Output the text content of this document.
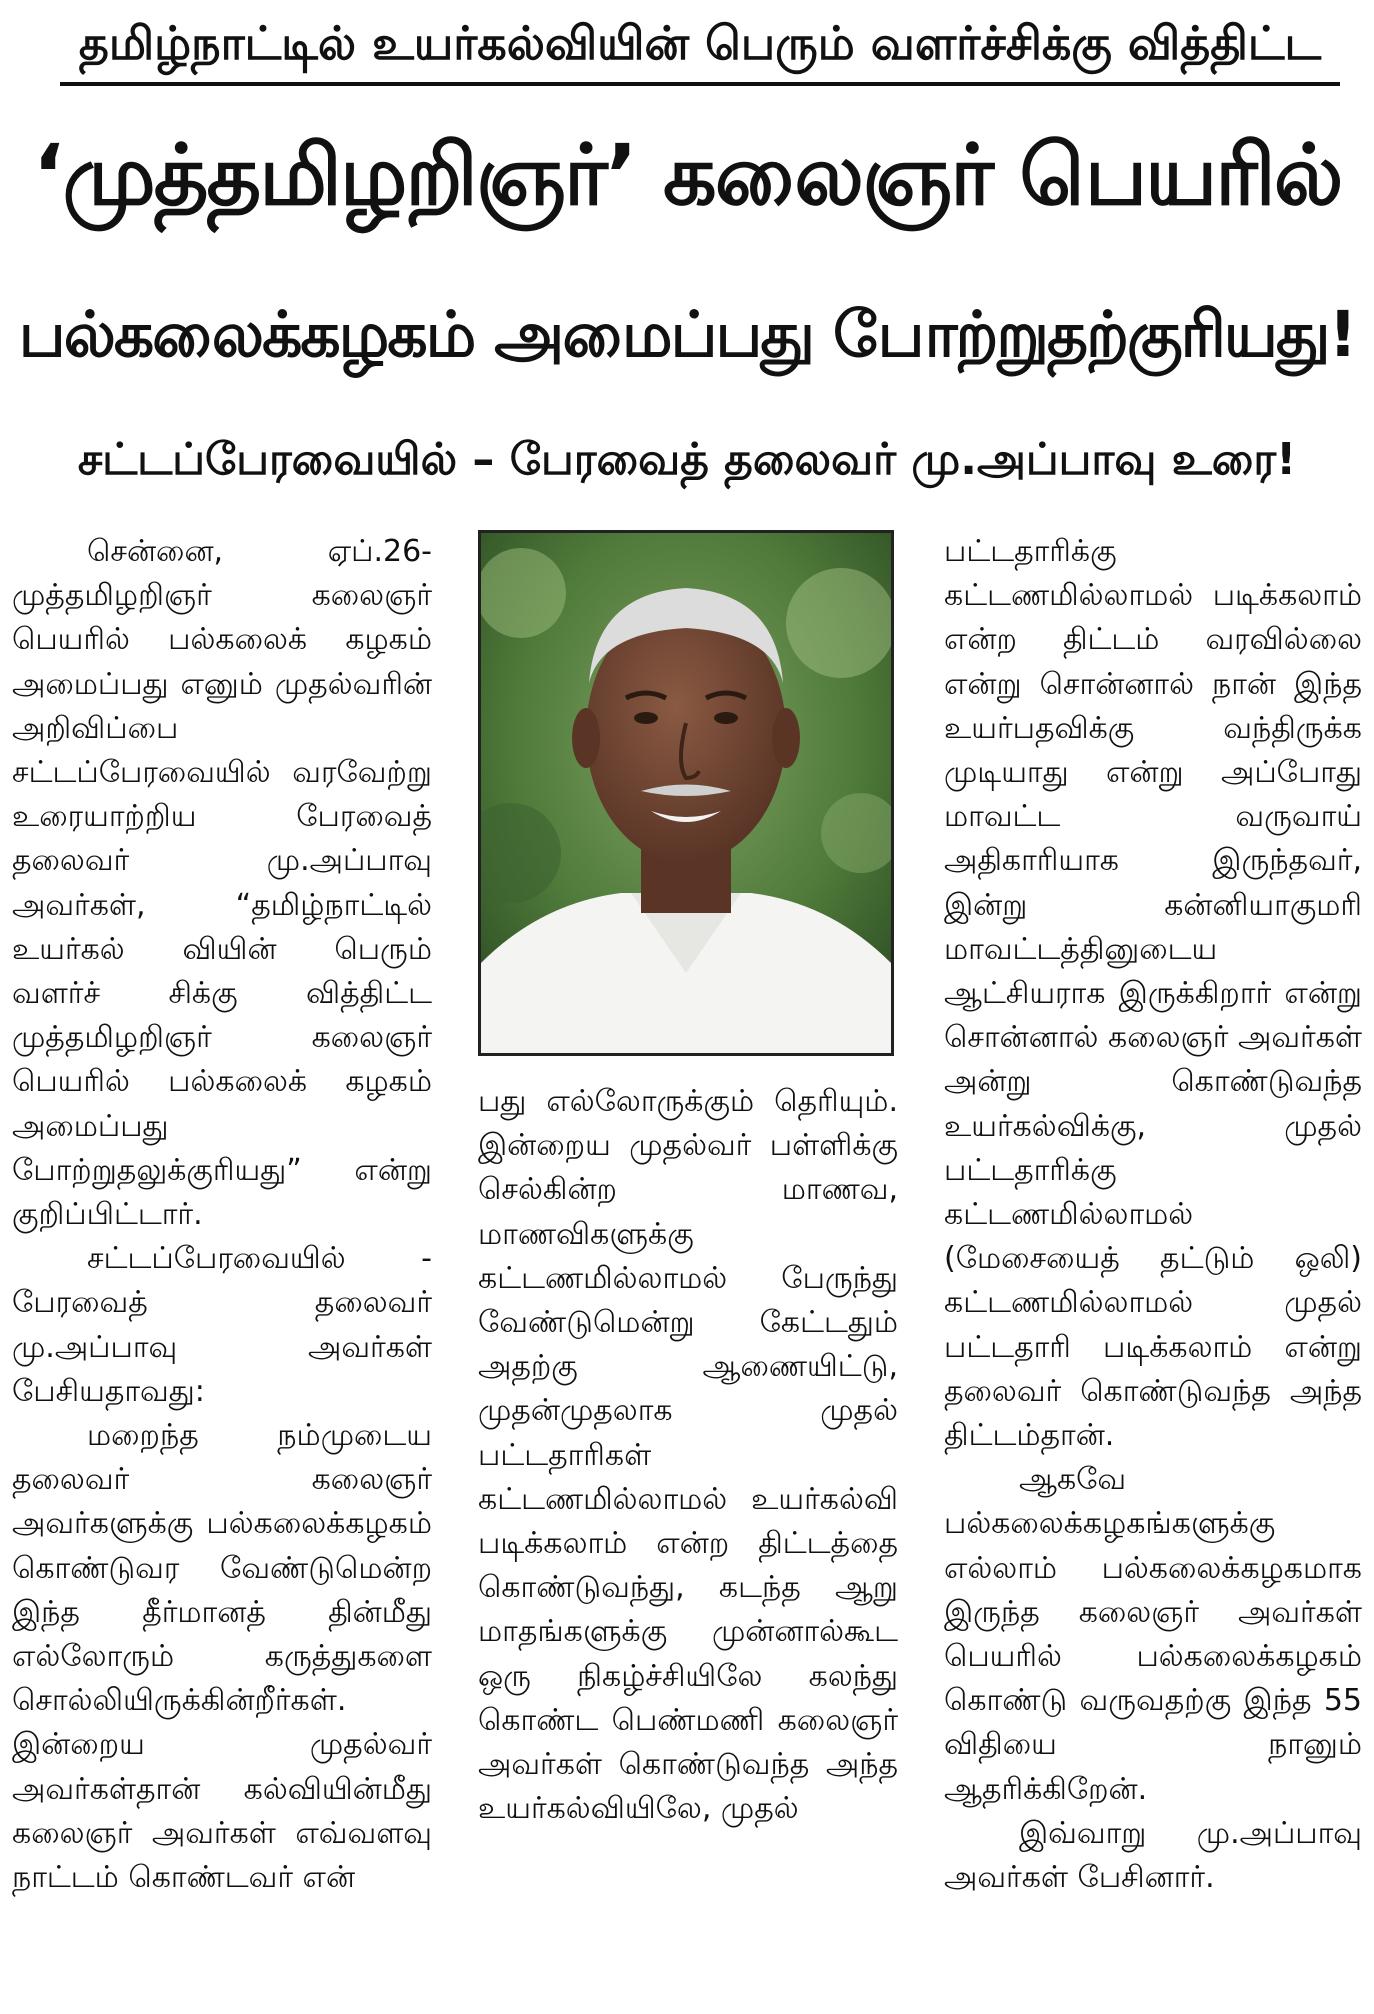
தமிழ்நாட்டில் உயர்கல்வியின் பெரும் வளர்ச்சிக்கு வித்திட்ட
‘முத்தமிழறிஞர்’ கலைஞர் பெயரில்
பல்கலைக்கழகம் அமைப்பது போற்றுதற்குரியது!
சட்டப்பேரவையில் – பேரவைத் தலைவர் மு.அப்பாவு உரை!

சென்னை, ஏப்.26- முத்தமிழறிஞர் கலைஞர் பெயரில் பல்கலைக் கழகம் அமைப்பது எனும் முதல்வரின் அறிவிப்பை சட்டப்பேரவையில் வரவேற்று உரையாற்றிய பேரவைத் தலைவர் மு.அப்பாவு அவர்கள், “தமிழ்நாட்டில் உயர்கல் வியின் பெரும் வளர்ச் சிக்கு வித்திட்ட முத்தமிழறிஞர் கலைஞர் பெயரில் பல்கலைக் கழகம் அமைப்பது போற்றுதலுக்குரியது” என்று குறிப்பிட்டார்.

சட்டப்பேரவையில் - பேரவைத் தலைவர் மு.அப்பாவு அவர்கள் பேசியதாவது:

மறைந்த நம்முடைய தலைவர் கலைஞர் அவர்களுக்கு பல்கலைக்கழகம் கொண்டுவர வேண்டுமென்ற இந்த தீர்மானத் தின்மீது எல்லோரும் கருத்துகளை சொல்லியிருக்கின்றீர்கள். இன்றைய முதல்வர் அவர்கள்தான் கல்வியின்மீது கலைஞர் அவர்கள் எவ்வளவு நாட்டம் கொண்டவர் என்

பது எல்லோருக்கும் தெரியும். இன்றைய முதல்வர் பள்ளிக்கு செல்கின்ற மாணவ, மாணவிகளுக்கு கட்டணமில்லாமல் பேருந்து வேண்டுமென்று கேட்டதும் அதற்கு ஆணையிட்டு, முதன்முதலாக முதல் பட்டதாரிகள் கட்டணமில்லாமல் உயர்கல்வி படிக்கலாம் என்ற திட்டத்தை கொண்டுவந்து, கடந்த ஆறு மாதங்களுக்கு முன்னால்கூட ஒரு நிகழ்ச்சியிலே கலந்து கொண்ட பெண்மணி கலைஞர் அவர்கள் கொண்டுவந்த அந்த உயர்கல்வியிலே, முதல்

பட்டதாரிக்கு கட்டணமில்லாமல் படிக்கலாம் என்ற திட்டம் வரவில்லை என்று சொன்னால் நான் இந்த உயர்பதவிக்கு வந்திருக்க முடியாது என்று அப்போது மாவட்ட வருவாய் அதிகாரியாக இருந்தவர், இன்று கன்னியாகுமரி மாவட்டத்தினுடைய ஆட்சியராக இருக்கிறார் என்று சொன்னால் கலைஞர் அவர்கள் அன்று கொண்டுவந்த உயர்கல்விக்கு, முதல் பட்டதாரிக்கு கட்டணமில்லாமல் (மேசையைத் தட்டும் ஒலி) கட்டணமில்லாமல் முதல் பட்டதாரி படிக்கலாம் என்று தலைவர் கொண்டுவந்த அந்த திட்டம்தான்.

ஆகவே பல்கலைக்கழகங்களுக்கு எல்லாம் பல்கலைக்கழகமாக இருந்த கலைஞர் அவர்கள் பெயரில் பல்கலைக்கழகம் கொண்டு வருவதற்கு இந்த 55 விதியை நானும் ஆதரிக்கிறேன்.

இவ்வாறு மு.அப்பாவு அவர்கள் பேசினார்.
